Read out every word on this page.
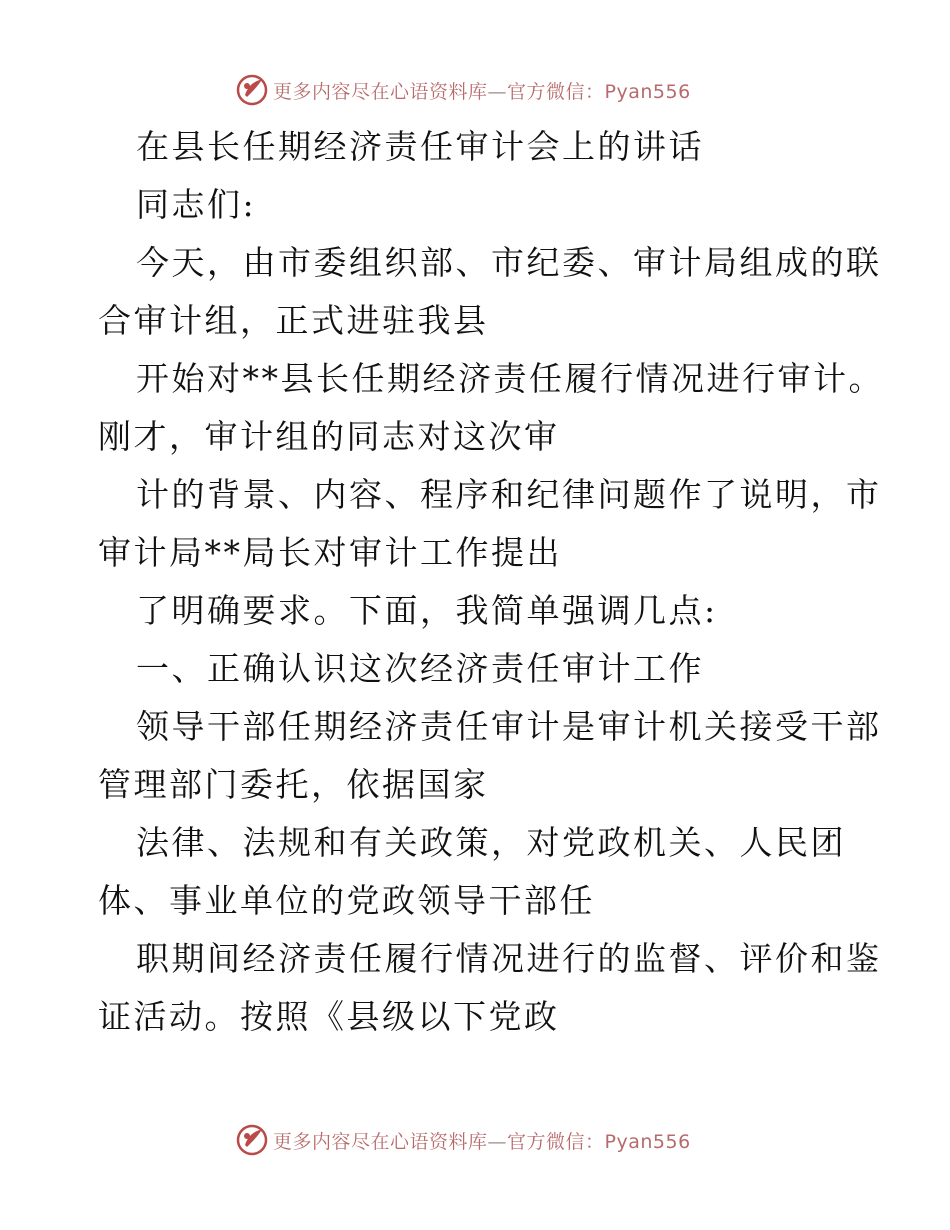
更多内容尽在心语资料库—官方微信：Pyan556
在县长任期经济责任审计会上的讲话
同志们:
今天，由市委组织部、市纪委、审计局组成的联
合审计组，正式进驻我县
开始对**县长任期经济责任履行情况进行审计。
刚才，审计组的同志对这次审
计的背景、内容、程序和纪律问题作了说明，市
审计局**局长对审计工作提出
了明确要求。下面，我简单强调几点:
一、正确认识这次经济责任审计工作
领导干部任期经济责任审计是审计机关接受干部
管理部门委托，依据国家
法律、法规和有关政策，对党政机关、人民团
体、事业单位的党政领导干部任
职期间经济责任履行情况进行的监督、评价和鉴
证活动。按照《县级以下党政
更多内容尽在心语资料库—官方微信：Pyan556
